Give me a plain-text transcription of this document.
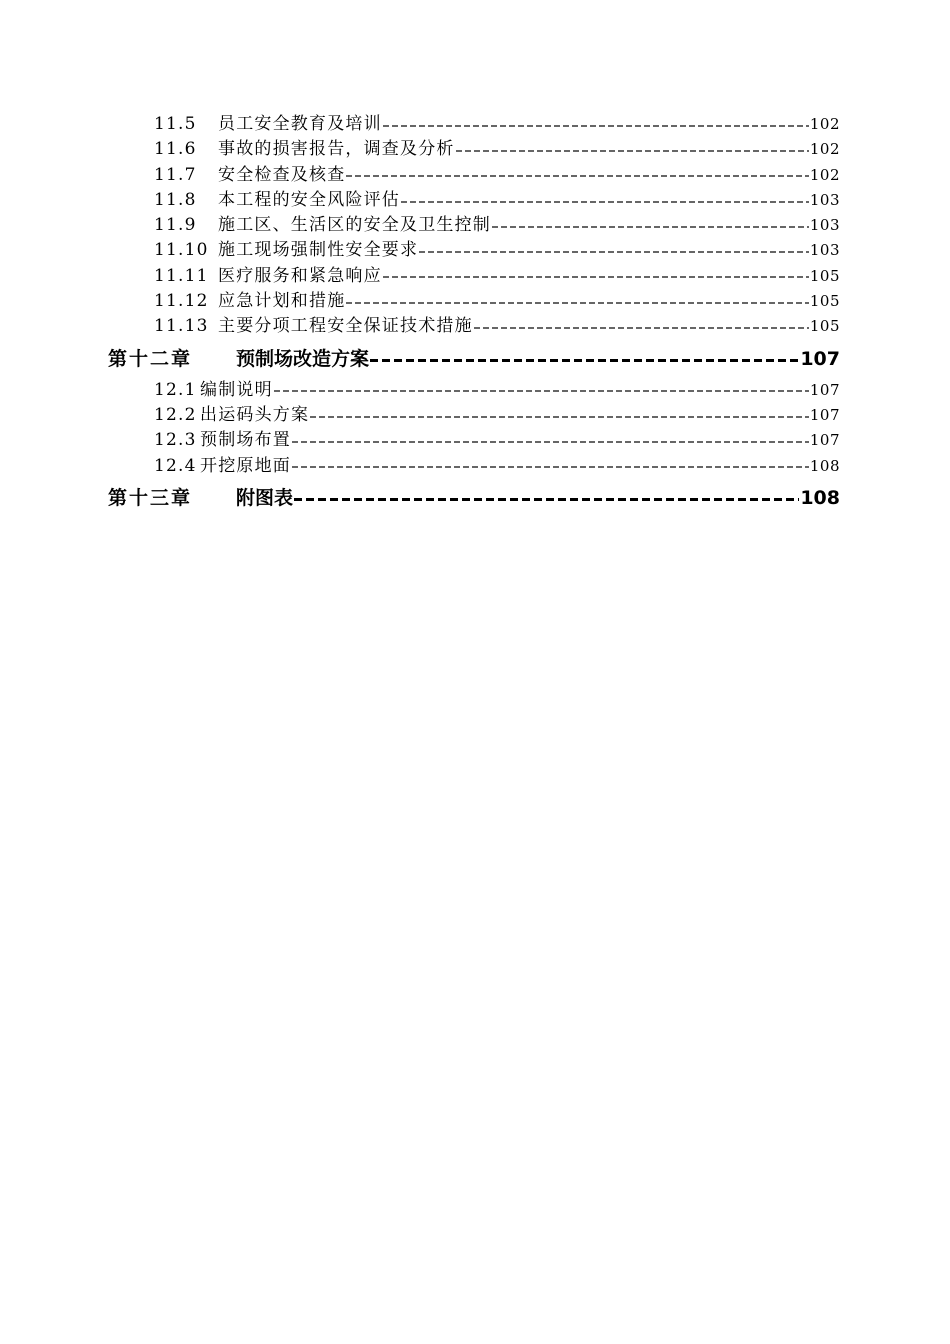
11.5	员工安全教育及培训	102
11.6	事故的损害报告，调查及分析	102
11.7	安全检查及核查	102
11.8	本工程的安全风险评估	103
11.9	施工区、生活区的安全及卫生控制	103
11.10 施工现场强制性安全要求	103
11.11 医疗服务和紧急响应	105
11.12 应急计划和措施	105
11.13 主要分项工程安全保证技术措施	105
第十二章	预制场改造方案	107
12.1 编制说明	107
12.2 出运码头方案	107
12.3 预制场布置	107
12.4 开挖原地面	108
第十三章	附图表	108
